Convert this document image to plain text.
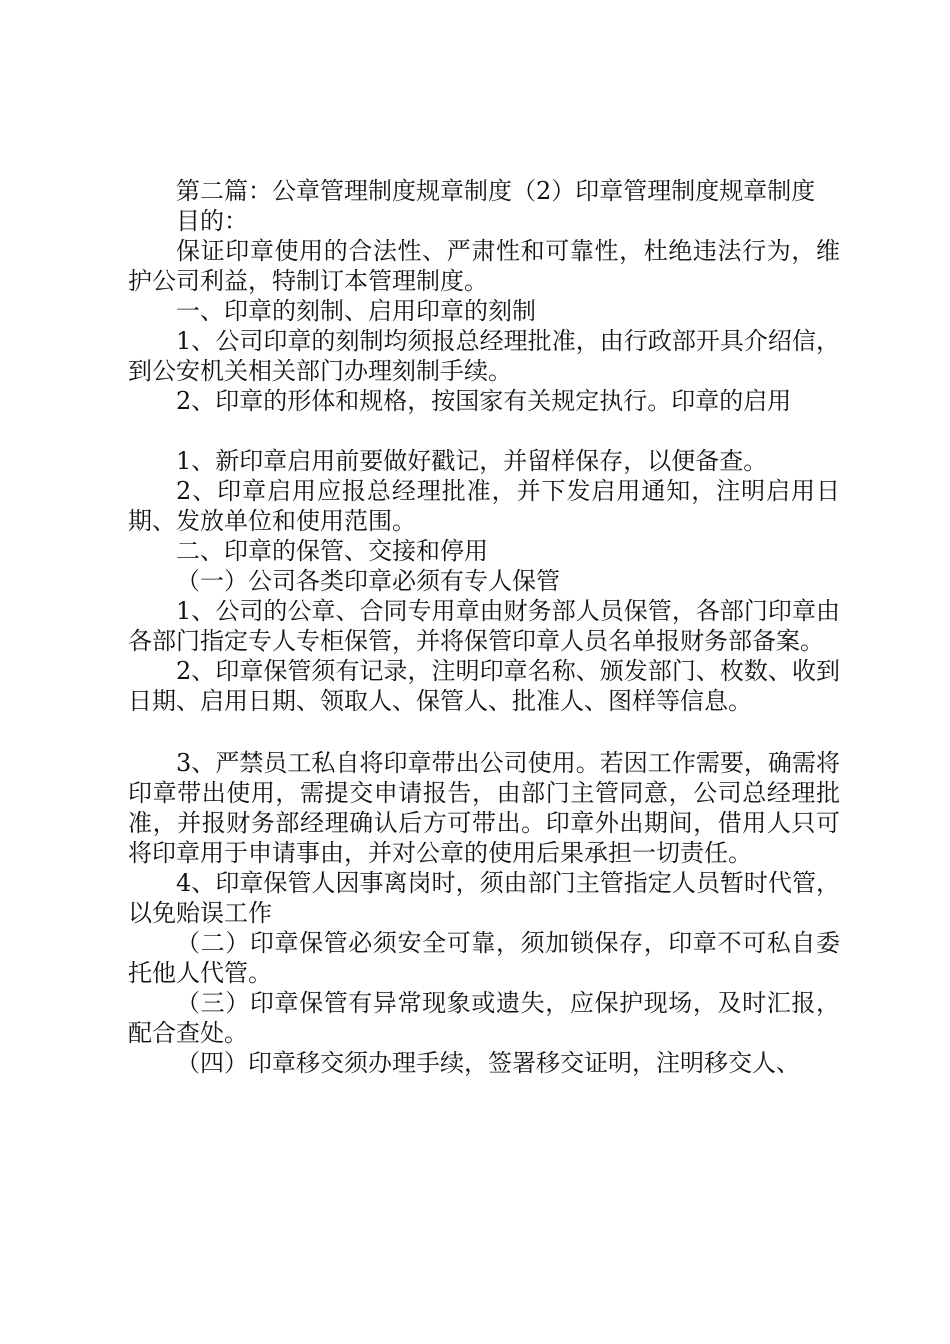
第二篇：公章管理制度规章制度（2）印章管理制度规章制度

目的：

保证印章使用的合法性、严肃性和可靠性，杜绝违法行为，维护公司利益，特制订本管理制度。

一、印章的刻制、启用印章的刻制

1、公司印章的刻制均须报总经理批准，由行政部开具介绍信，到公安机关相关部门办理刻制手续。

2、印章的形体和规格，按国家有关规定执行。印章的启用

1、新印章启用前要做好戳记，并留样保存，以便备查。

2、印章启用应报总经理批准，并下发启用通知，注明启用日期、发放单位和使用范围。

二、印章的保管、交接和停用

（一）公司各类印章必须有专人保管

1、公司的公章、合同专用章由财务部人员保管，各部门印章由各部门指定专人专柜保管，并将保管印章人员名单报财务部备案。

2、印章保管须有记录，注明印章名称、颁发部门、枚数、收到日期、启用日期、领取人、保管人、批准人、图样等信息。

3、严禁员工私自将印章带出公司使用。若因工作需要，确需将印章带出使用，需提交申请报告，由部门主管同意，公司总经理批准，并报财务部经理确认后方可带出。印章外出期间，借用人只可将印章用于申请事由，并对公章的使用后果承担一切责任。

4、印章保管人因事离岗时，须由部门主管指定人员暂时代管，以免贻误工作

（二）印章保管必须安全可靠，须加锁保存，印章不可私自委托他人代管。

（三）印章保管有异常现象或遗失，应保护现场，及时汇报，配合查处。

（四）印章移交须办理手续，签署移交证明，注明移交人、
